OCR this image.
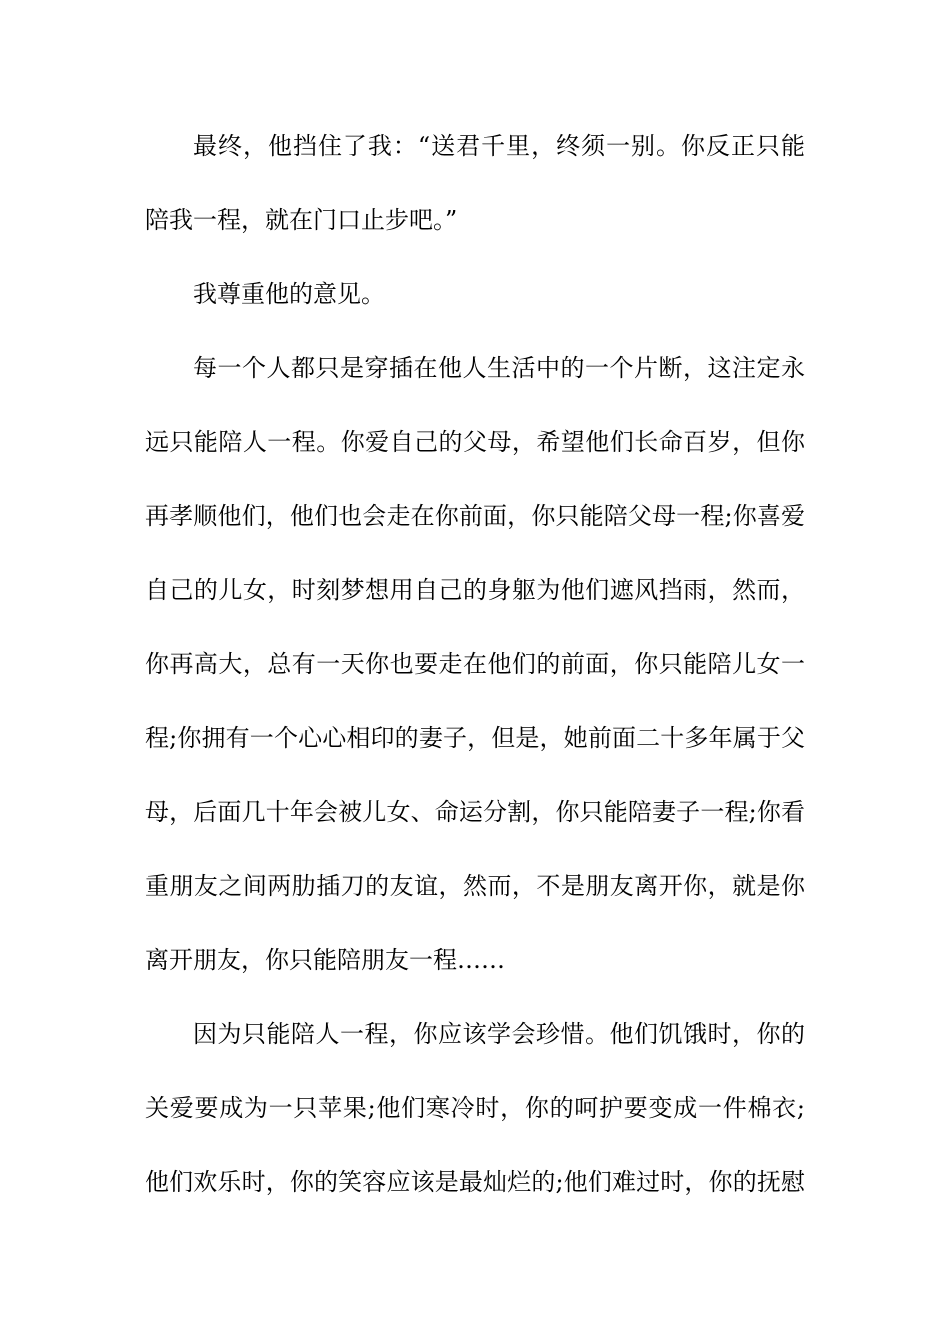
最终，他挡住了我：“送君千里，终须一别。你反正只能
陪我一程，就在门口止步吧。”
我尊重他的意见。
每一个人都只是穿插在他人生活中的一个片断，这注定永
远只能陪人一程。你爱自己的父母，希望他们长命百岁，但你
再孝顺他们，他们也会走在你前面，你只能陪父母一程;你喜爱
自己的儿女，时刻梦想用自己的身躯为他们遮风挡雨，然而，
你再高大，总有一天你也要走在他们的前面，你只能陪儿女一
程;你拥有一个心心相印的妻子，但是，她前面二十多年属于父
母，后面几十年会被儿女、命运分割，你只能陪妻子一程;你看
重朋友之间两肋插刀的友谊，然而，不是朋友离开你，就是你
离开朋友，你只能陪朋友一程……
因为只能陪人一程，你应该学会珍惜。他们饥饿时，你的
关爱要成为一只苹果;他们寒冷时，你的呵护要变成一件棉衣;
他们欢乐时，你的笑容应该是最灿烂的;他们难过时，你的抚慰
